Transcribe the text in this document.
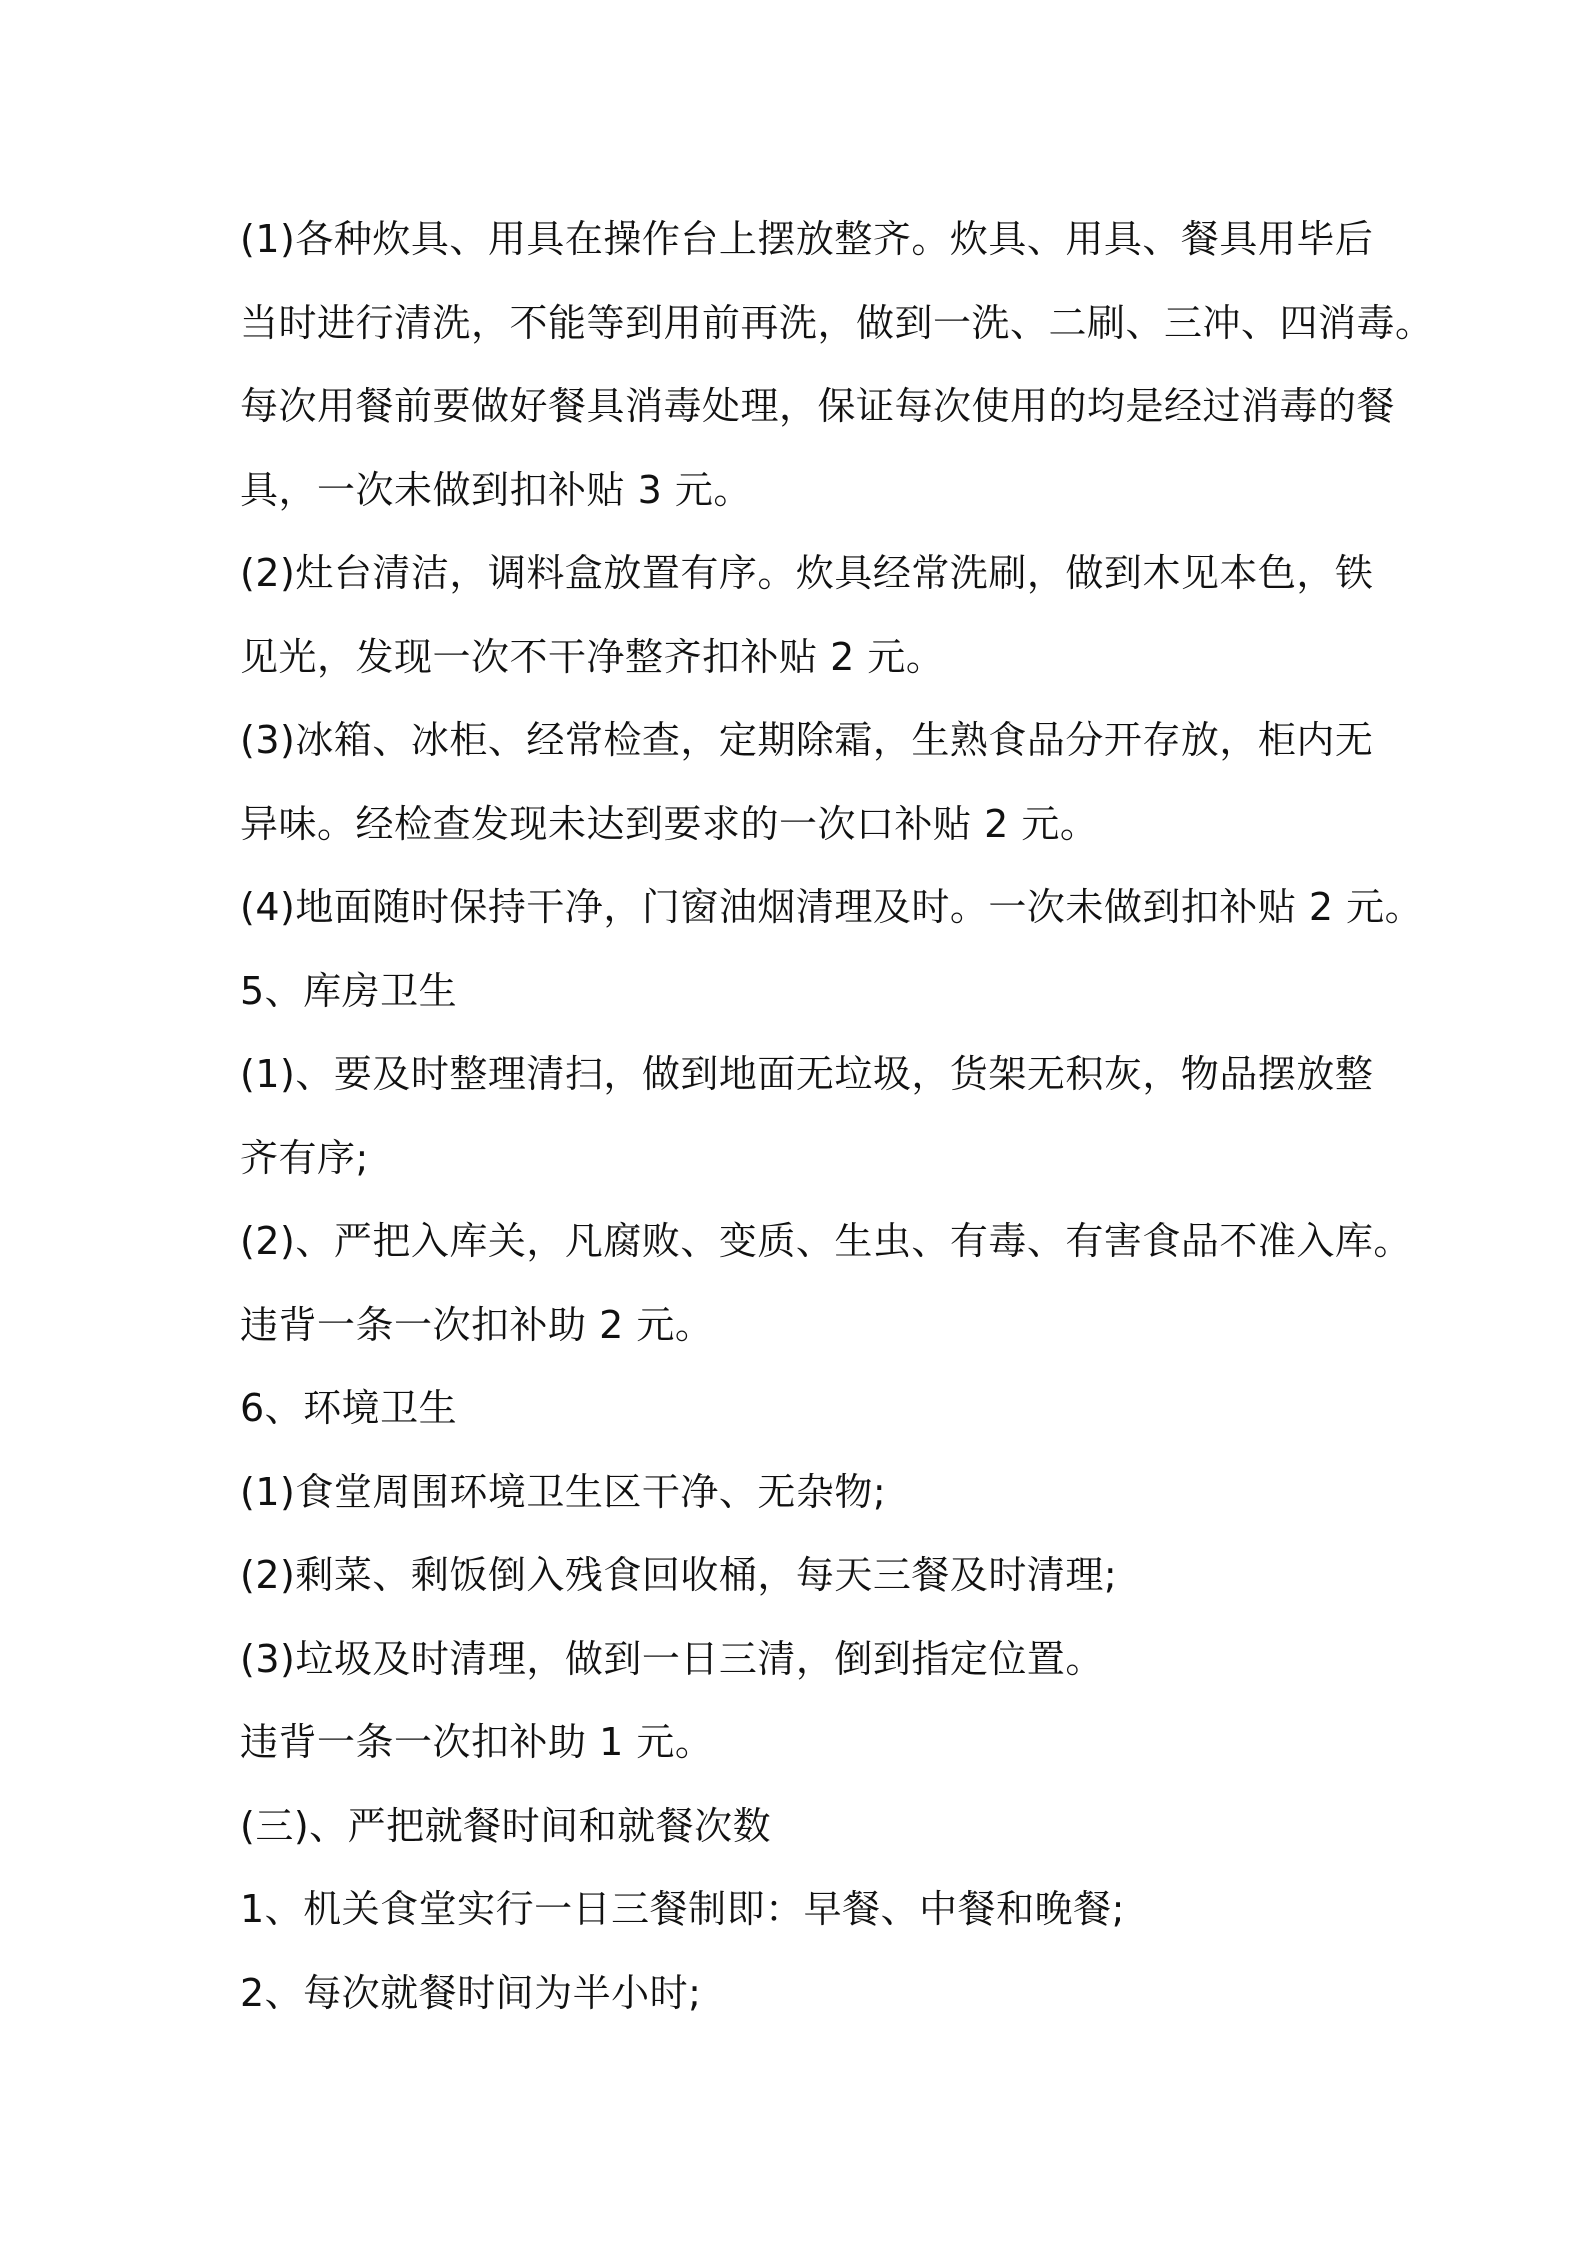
(1)各种炊具、用具在操作台上摆放整齐。炊具、用具、餐具用毕后
当时进行清洗，不能等到用前再洗，做到一洗、二刷、三冲、四消毒。
每次用餐前要做好餐具消毒处理，保证每次使用的均是经过消毒的餐
具，一次未做到扣补贴 3 元。
(2)灶台清洁，调料盒放置有序。炊具经常洗刷，做到木见本色，铁
见光，发现一次不干净整齐扣补贴 2 元。
(3)冰箱、冰柜、经常检查，定期除霜，生熟食品分开存放，柜内无
异味。经检查发现未达到要求的一次口补贴 2 元。
(4)地面随时保持干净，门窗油烟清理及时。一次未做到扣补贴 2 元。
5、库房卫生
(1)、要及时整理清扫，做到地面无垃圾，货架无积灰，物品摆放整
齐有序;
(2)、严把入库关，凡腐败、变质、生虫、有毒、有害食品不准入库。
违背一条一次扣补助 2 元。
6、环境卫生
(1)食堂周围环境卫生区干净、无杂物;
(2)剩菜、剩饭倒入残食回收桶，每天三餐及时清理;
(3)垃圾及时清理，做到一日三清，倒到指定位置。
违背一条一次扣补助 1 元。
(三)、严把就餐时间和就餐次数
1、机关食堂实行一日三餐制即：早餐、中餐和晚餐;
2、每次就餐时间为半小时;
